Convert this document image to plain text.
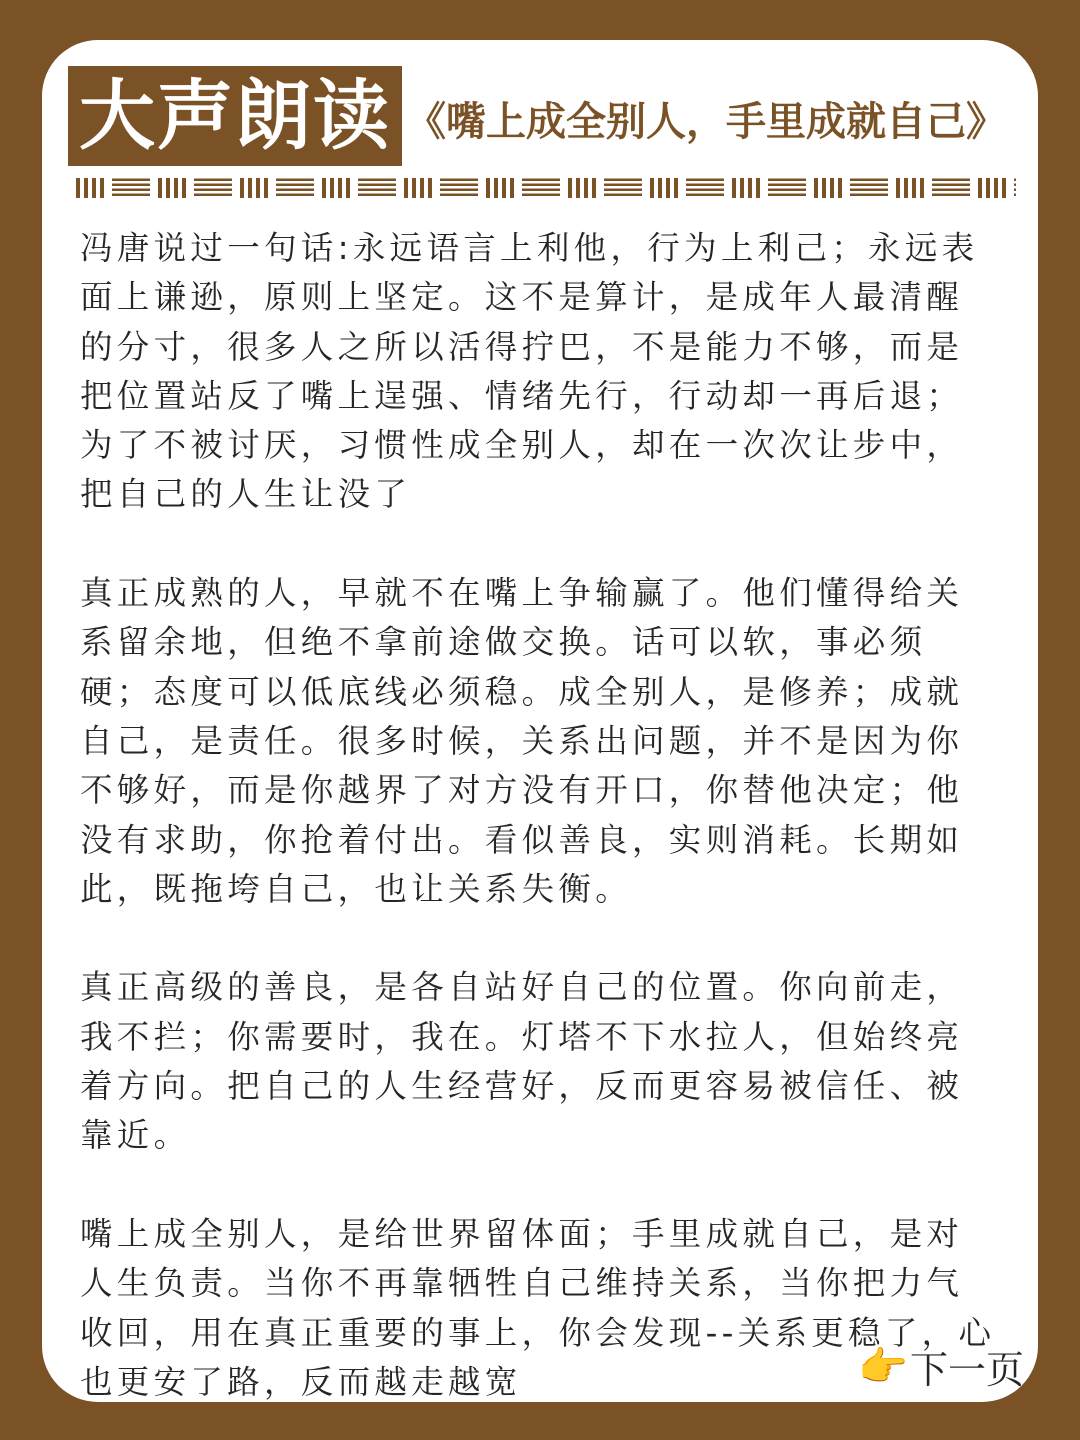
大声朗读 《嘴上成全别人，手里成就自己》

冯唐说过一句话:永远语言上利他，行为上利己；永远表面上谦逊，原则上坚定。这不是算计，是成年人最清醒的分寸，很多人之所以活得拧巴，不是能力不够，而是把位置站反了嘴上逞强、情绪先行，行动却一再后退；为了不被讨厌，习惯性成全别人，却在一次次让步中，把自己的人生让没了

真正成熟的人，早就不在嘴上争输赢了。他们懂得给关系留余地，但绝不拿前途做交换。话可以软，事必须硬；态度可以低底线必须稳。成全别人，是修养；成就自己，是责任。很多时候，关系出问题，并不是因为你不够好，而是你越界了对方没有开口，你替他决定；他没有求助，你抢着付出。看似善良，实则消耗。长期如此，既拖垮自己，也让关系失衡。

真正高级的善良，是各自站好自己的位置。你向前走，我不拦；你需要时，我在。灯塔不下水拉人，但始终亮着方向。把自己的人生经营好，反而更容易被信任、被靠近。

嘴上成全别人，是给世界留体面；手里成就自己，是对人生负责。当你不再靠牺牲自己维持关系，当你把力气收回，用在真正重要的事上，你会发现--关系更稳了，心也更安了路，反而越走越宽	👉 下一页
